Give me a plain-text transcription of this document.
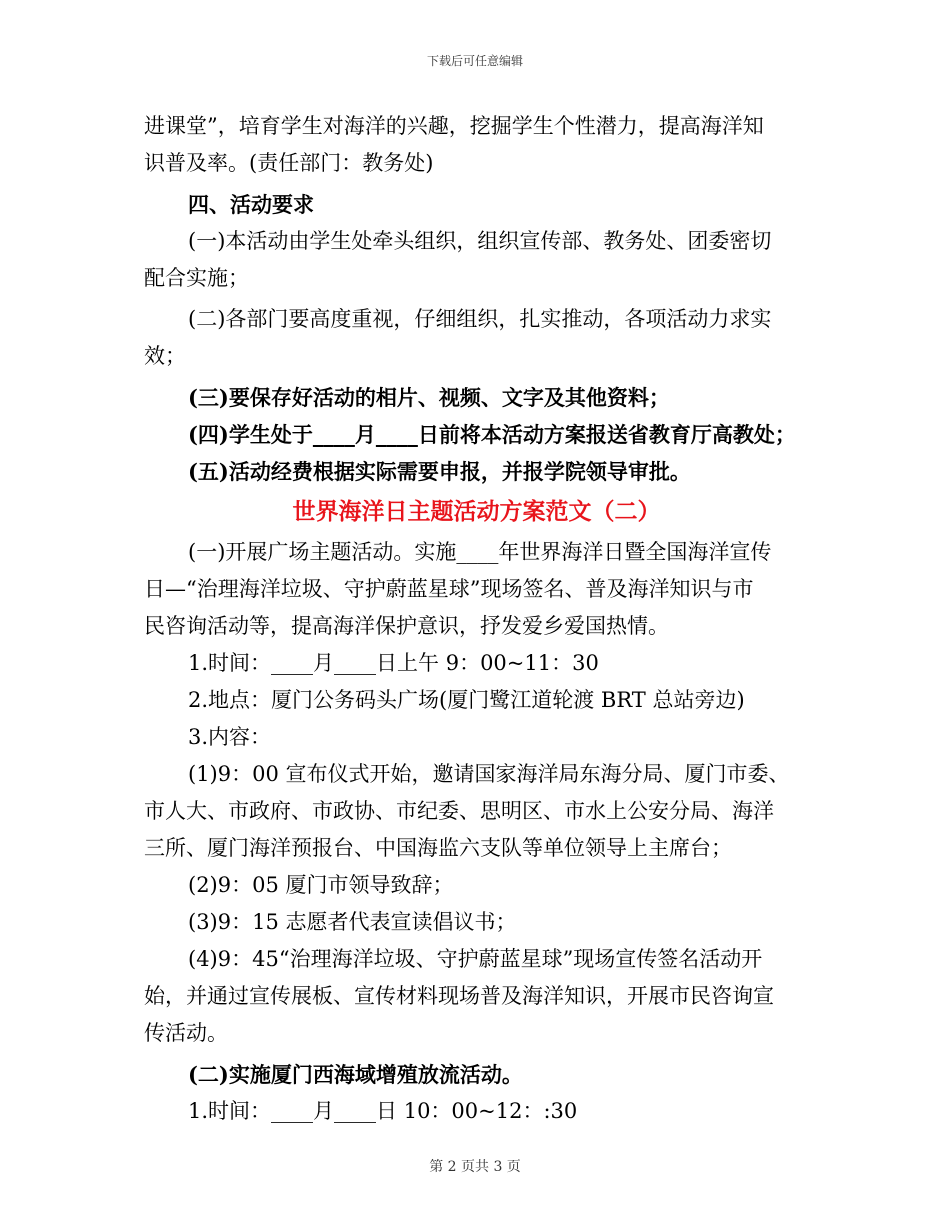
下载后可任意编辑
进课堂”，培育学生对海洋的兴趣，挖掘学生个性潜力，提高海洋知
识普及率。(责任部门：教务处)
四、活动要求
(一)本活动由学生处牵头组织，组织宣传部、教务处、团委密切
配合实施；
(二)各部门要高度重视，仔细组织，扎实推动，各项活动力求实
效；
(三)要保存好活动的相片、视频、文字及其他资料；
(四)学生处于____月____日前将本活动方案报送省教育厅高教处；
(五)活动经费根据实际需要申报，并报学院领导审批。
世界海洋日主题活动方案范文（二）
(一)开展广场主题活动。实施____年世界海洋日暨全国海洋宣传
日—“治理海洋垃圾、守护蔚蓝星球”现场签名、普及海洋知识与市
民咨询活动等，提高海洋保护意识，抒发爱乡爱国热情。
1.时间：____月____日上午 9：00~11：30
2.地点：厦门公务码头广场(厦门鹭江道轮渡 BRT 总站旁边)
3.内容：
(1)9：00 宣布仪式开始，邀请国家海洋局东海分局、厦门市委、
市人大、市政府、市政协、市纪委、思明区、市水上公安分局、海洋
三所、厦门海洋预报台、中国海监六支队等单位领导上主席台；
(2)9：05 厦门市领导致辞；
(3)9：15 志愿者代表宣读倡议书；
(4)9：45“治理海洋垃圾、守护蔚蓝星球”现场宣传签名活动开
始，并通过宣传展板、宣传材料现场普及海洋知识，开展市民咨询宣
传活动。
(二)实施厦门西海域增殖放流活动。
1.时间：____月____日 10：00~12：:30
第 2 页共 3 页
